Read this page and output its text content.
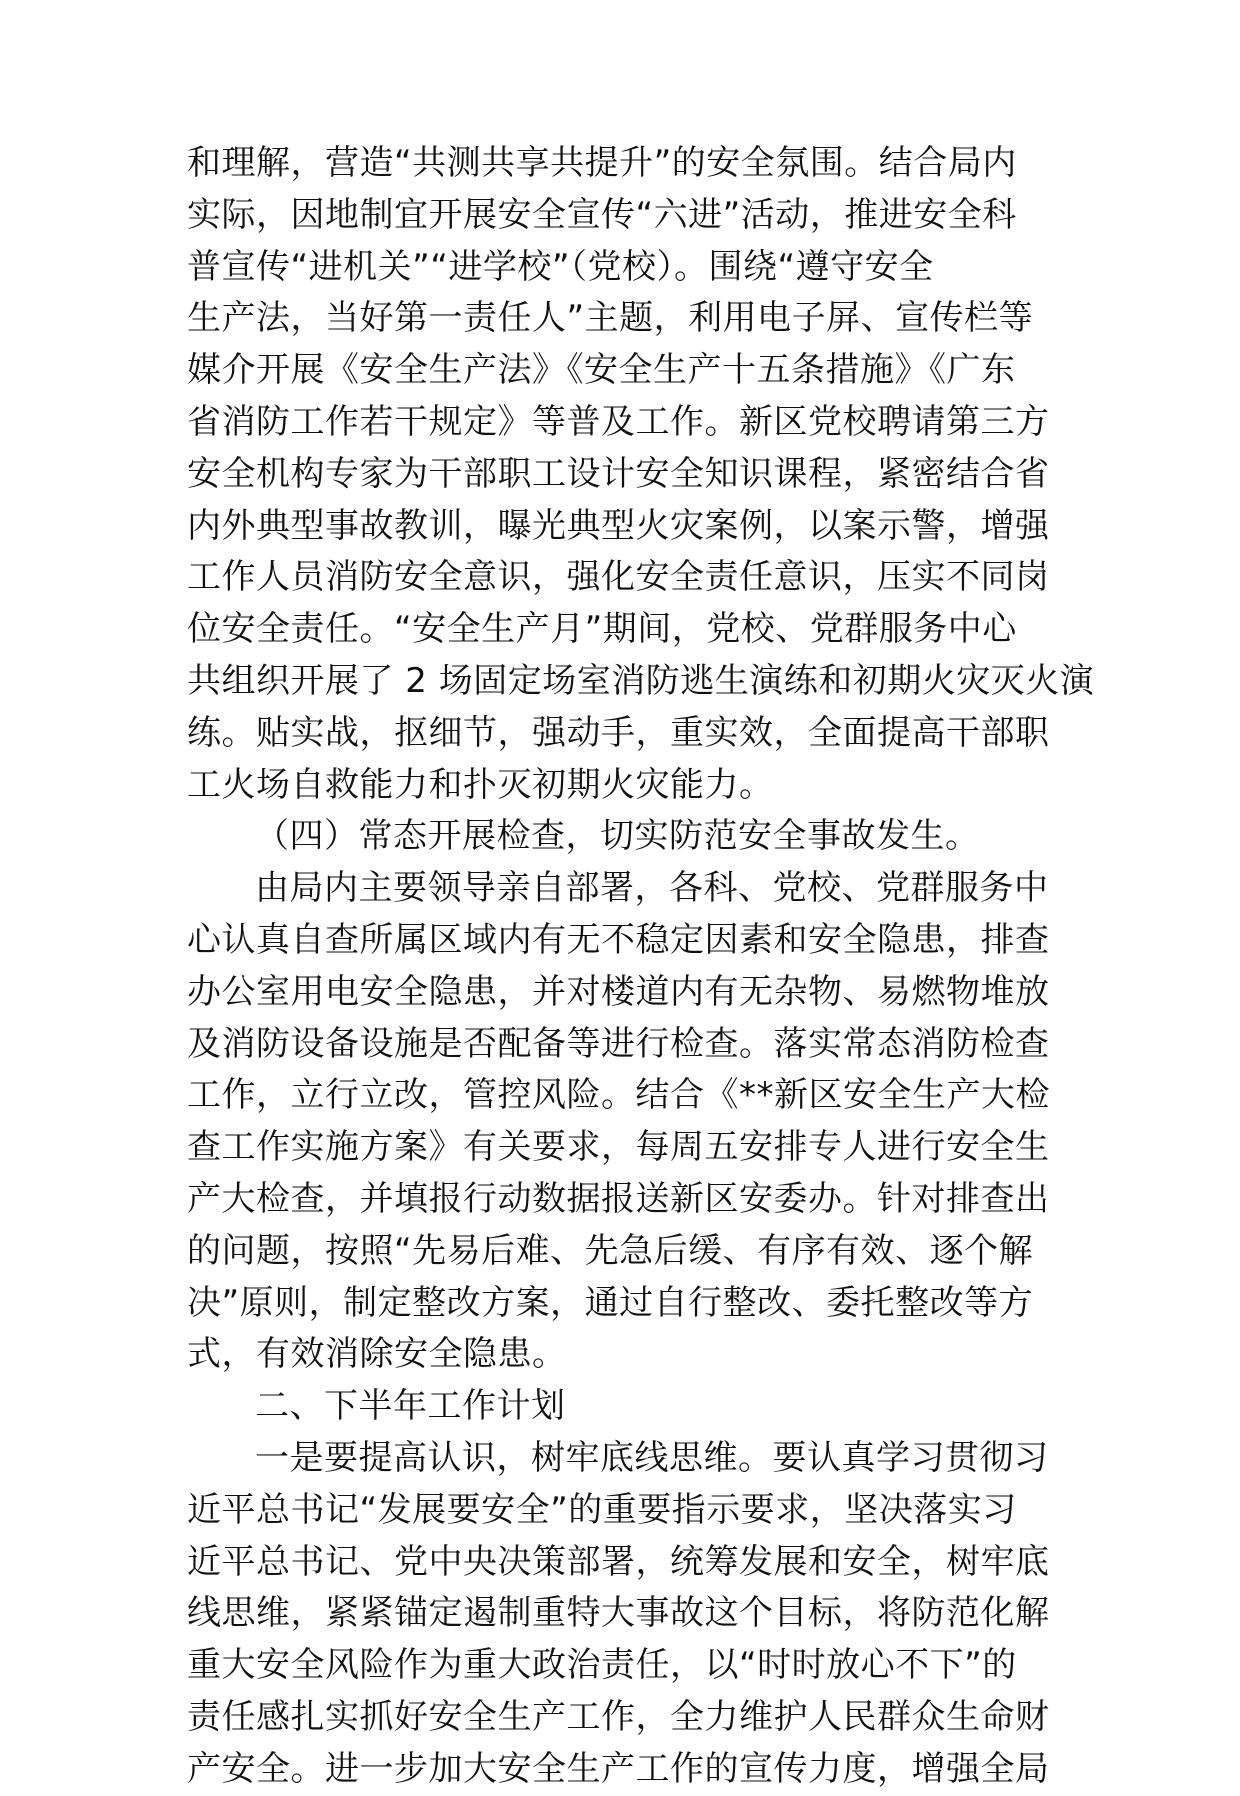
和理解，营造“共测共享共提升”的安全氛围。结合局内
实际，因地制宜开展安全宣传“六进”活动，推进安全科
普宣传“进机关”“进学校”（党校）。围绕“遵守安全
生产法，当好第一责任人”主题，利用电子屏、宣传栏等
媒介开展《安全生产法》《安全生产十五条措施》《广东
省消防工作若干规定》等普及工作。新区党校聘请第三方
安全机构专家为干部职工设计安全知识课程，紧密结合省
内外典型事故教训，曝光典型火灾案例，以案示警，增强
工作人员消防安全意识，强化安全责任意识，压实不同岗
位安全责任。“安全生产月”期间，党校、党群服务中心
共组织开展了 2 场固定场室消防逃生演练和初期火灾灭火演
练。贴实战，抠细节，强动手，重实效，全面提高干部职
工火场自救能力和扑灭初期火灾能力。
（四）常态开展检查，切实防范安全事故发生。
由局内主要领导亲自部署，各科、党校、党群服务中
心认真自查所属区域内有无不稳定因素和安全隐患，排查
办公室用电安全隐患，并对楼道内有无杂物、易燃物堆放
及消防设备设施是否配备等进行检查。落实常态消防检查
工作，立行立改，管控风险。结合《**新区安全生产大检
查工作实施方案》有关要求，每周五安排专人进行安全生
产大检查，并填报行动数据报送新区安委办。针对排查出
的问题，按照“先易后难、先急后缓、有序有效、逐个解
决”原则，制定整改方案，通过自行整改、委托整改等方
式，有效消除安全隐患。
二、下半年工作计划
一是要提高认识，树牢底线思维。要认真学习贯彻习
近平总书记“发展要安全”的重要指示要求，坚决落实习
近平总书记、党中央决策部署，统筹发展和安全，树牢底
线思维，紧紧锚定遏制重特大事故这个目标，将防范化解
重大安全风险作为重大政治责任，以“时时放心不下”的
责任感扎实抓好安全生产工作，全力维护人民群众生命财
产安全。进一步加大安全生产工作的宣传力度，增强全局
